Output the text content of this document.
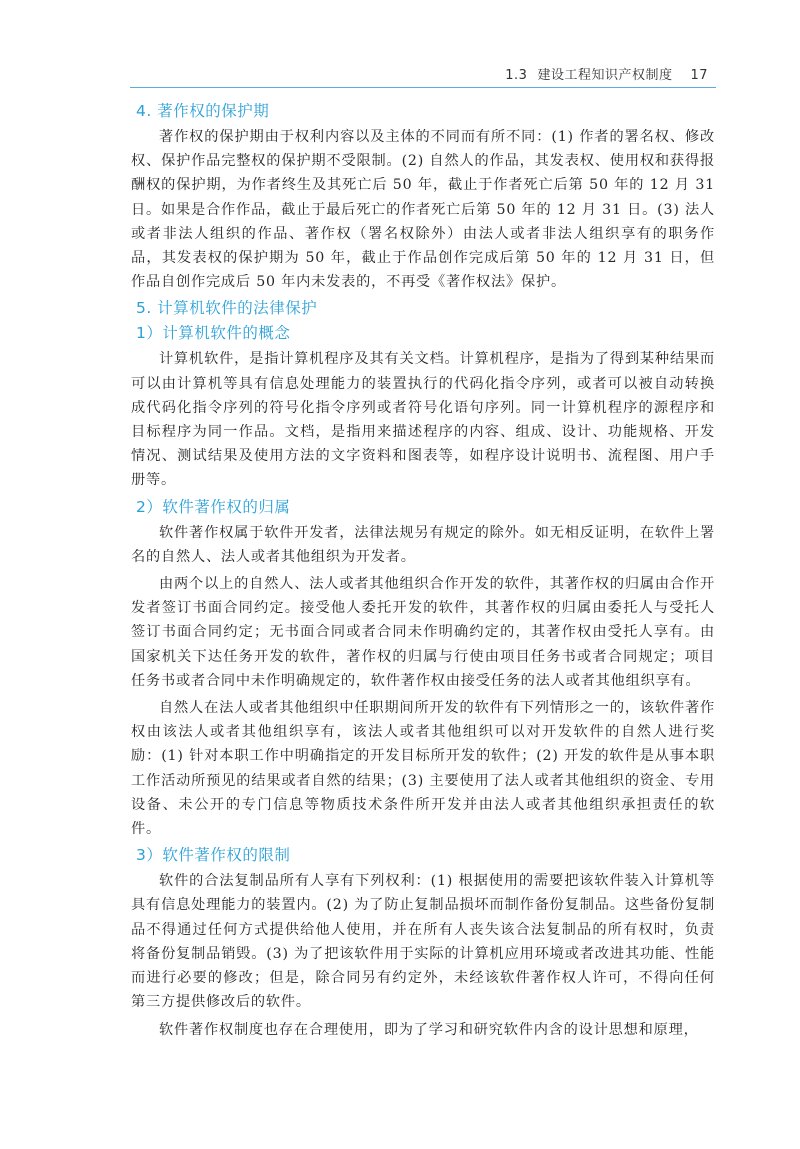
1.3 建设工程知识产权制度 17
4. 著作权的保护期

著作权的保护期由于权利内容以及主体的不同而有所不同：(1) 作者的署名权、修改权、保护作品完整权的保护期不受限制。(2) 自然人的作品，其发表权、使用权和获得报酬权的保护期，为作者终生及其死亡后 50 年，截止于作者死亡后第 50 年的 12 月 31 日。如果是合作作品，截止于最后死亡的作者死亡后第 50 年的 12 月 31 日。(3) 法人或者非法人组织的作品、著作权（署名权除外）由法人或者非法人组织享有的职务作品，其发表权的保护期为 50 年，截止于作品创作完成后第 50 年的 12 月 31 日，但作品自创作完成后 50 年内未发表的，不再受《著作权法》保护。

5. 计算机软件的法律保护
1）计算机软件的概念

计算机软件，是指计算机程序及其有关文档。计算机程序，是指为了得到某种结果而可以由计算机等具有信息处理能力的装置执行的代码化指令序列，或者可以被自动转换成代码化指令序列的符号化指令序列或者符号化语句序列。同一计算机程序的源程序和目标程序为同一作品。文档，是指用来描述程序的内容、组成、设计、功能规格、开发情况、测试结果及使用方法的文字资料和图表等，如程序设计说明书、流程图、用户手册等。

2）软件著作权的归属

软件著作权属于软件开发者，法律法规另有规定的除外。如无相反证明，在软件上署名的自然人、法人或者其他组织为开发者。

由两个以上的自然人、法人或者其他组织合作开发的软件，其著作权的归属由合作开发者签订书面合同约定。接受他人委托开发的软件，其著作权的归属由委托人与受托人签订书面合同约定；无书面合同或者合同未作明确约定的，其著作权由受托人享有。由国家机关下达任务开发的软件，著作权的归属与行使由项目任务书或者合同规定；项目任务书或者合同中未作明确规定的，软件著作权由接受任务的法人或者其他组织享有。

自然人在法人或者其他组织中任职期间所开发的软件有下列情形之一的，该软件著作权由该法人或者其他组织享有，该法人或者其他组织可以对开发软件的自然人进行奖励：(1) 针对本职工作中明确指定的开发目标所开发的软件；(2) 开发的软件是从事本职工作活动所预见的结果或者自然的结果；(3) 主要使用了法人或者其他组织的资金、专用设备、未公开的专门信息等物质技术条件所开发并由法人或者其他组织承担责任的软件。

3）软件著作权的限制

软件的合法复制品所有人享有下列权利：(1) 根据使用的需要把该软件装入计算机等具有信息处理能力的装置内。(2) 为了防止复制品损坏而制作备份复制品。这些备份复制品不得通过任何方式提供给他人使用，并在所有人丧失该合法复制品的所有权时，负责将备份复制品销毁。(3) 为了把该软件用于实际的计算机应用环境或者改进其功能、性能而进行必要的修改；但是，除合同另有约定外，未经该软件著作权人许可，不得向任何第三方提供修改后的软件。

软件著作权制度也存在合理使用，即为了学习和研究软件内含的设计思想和原理，
